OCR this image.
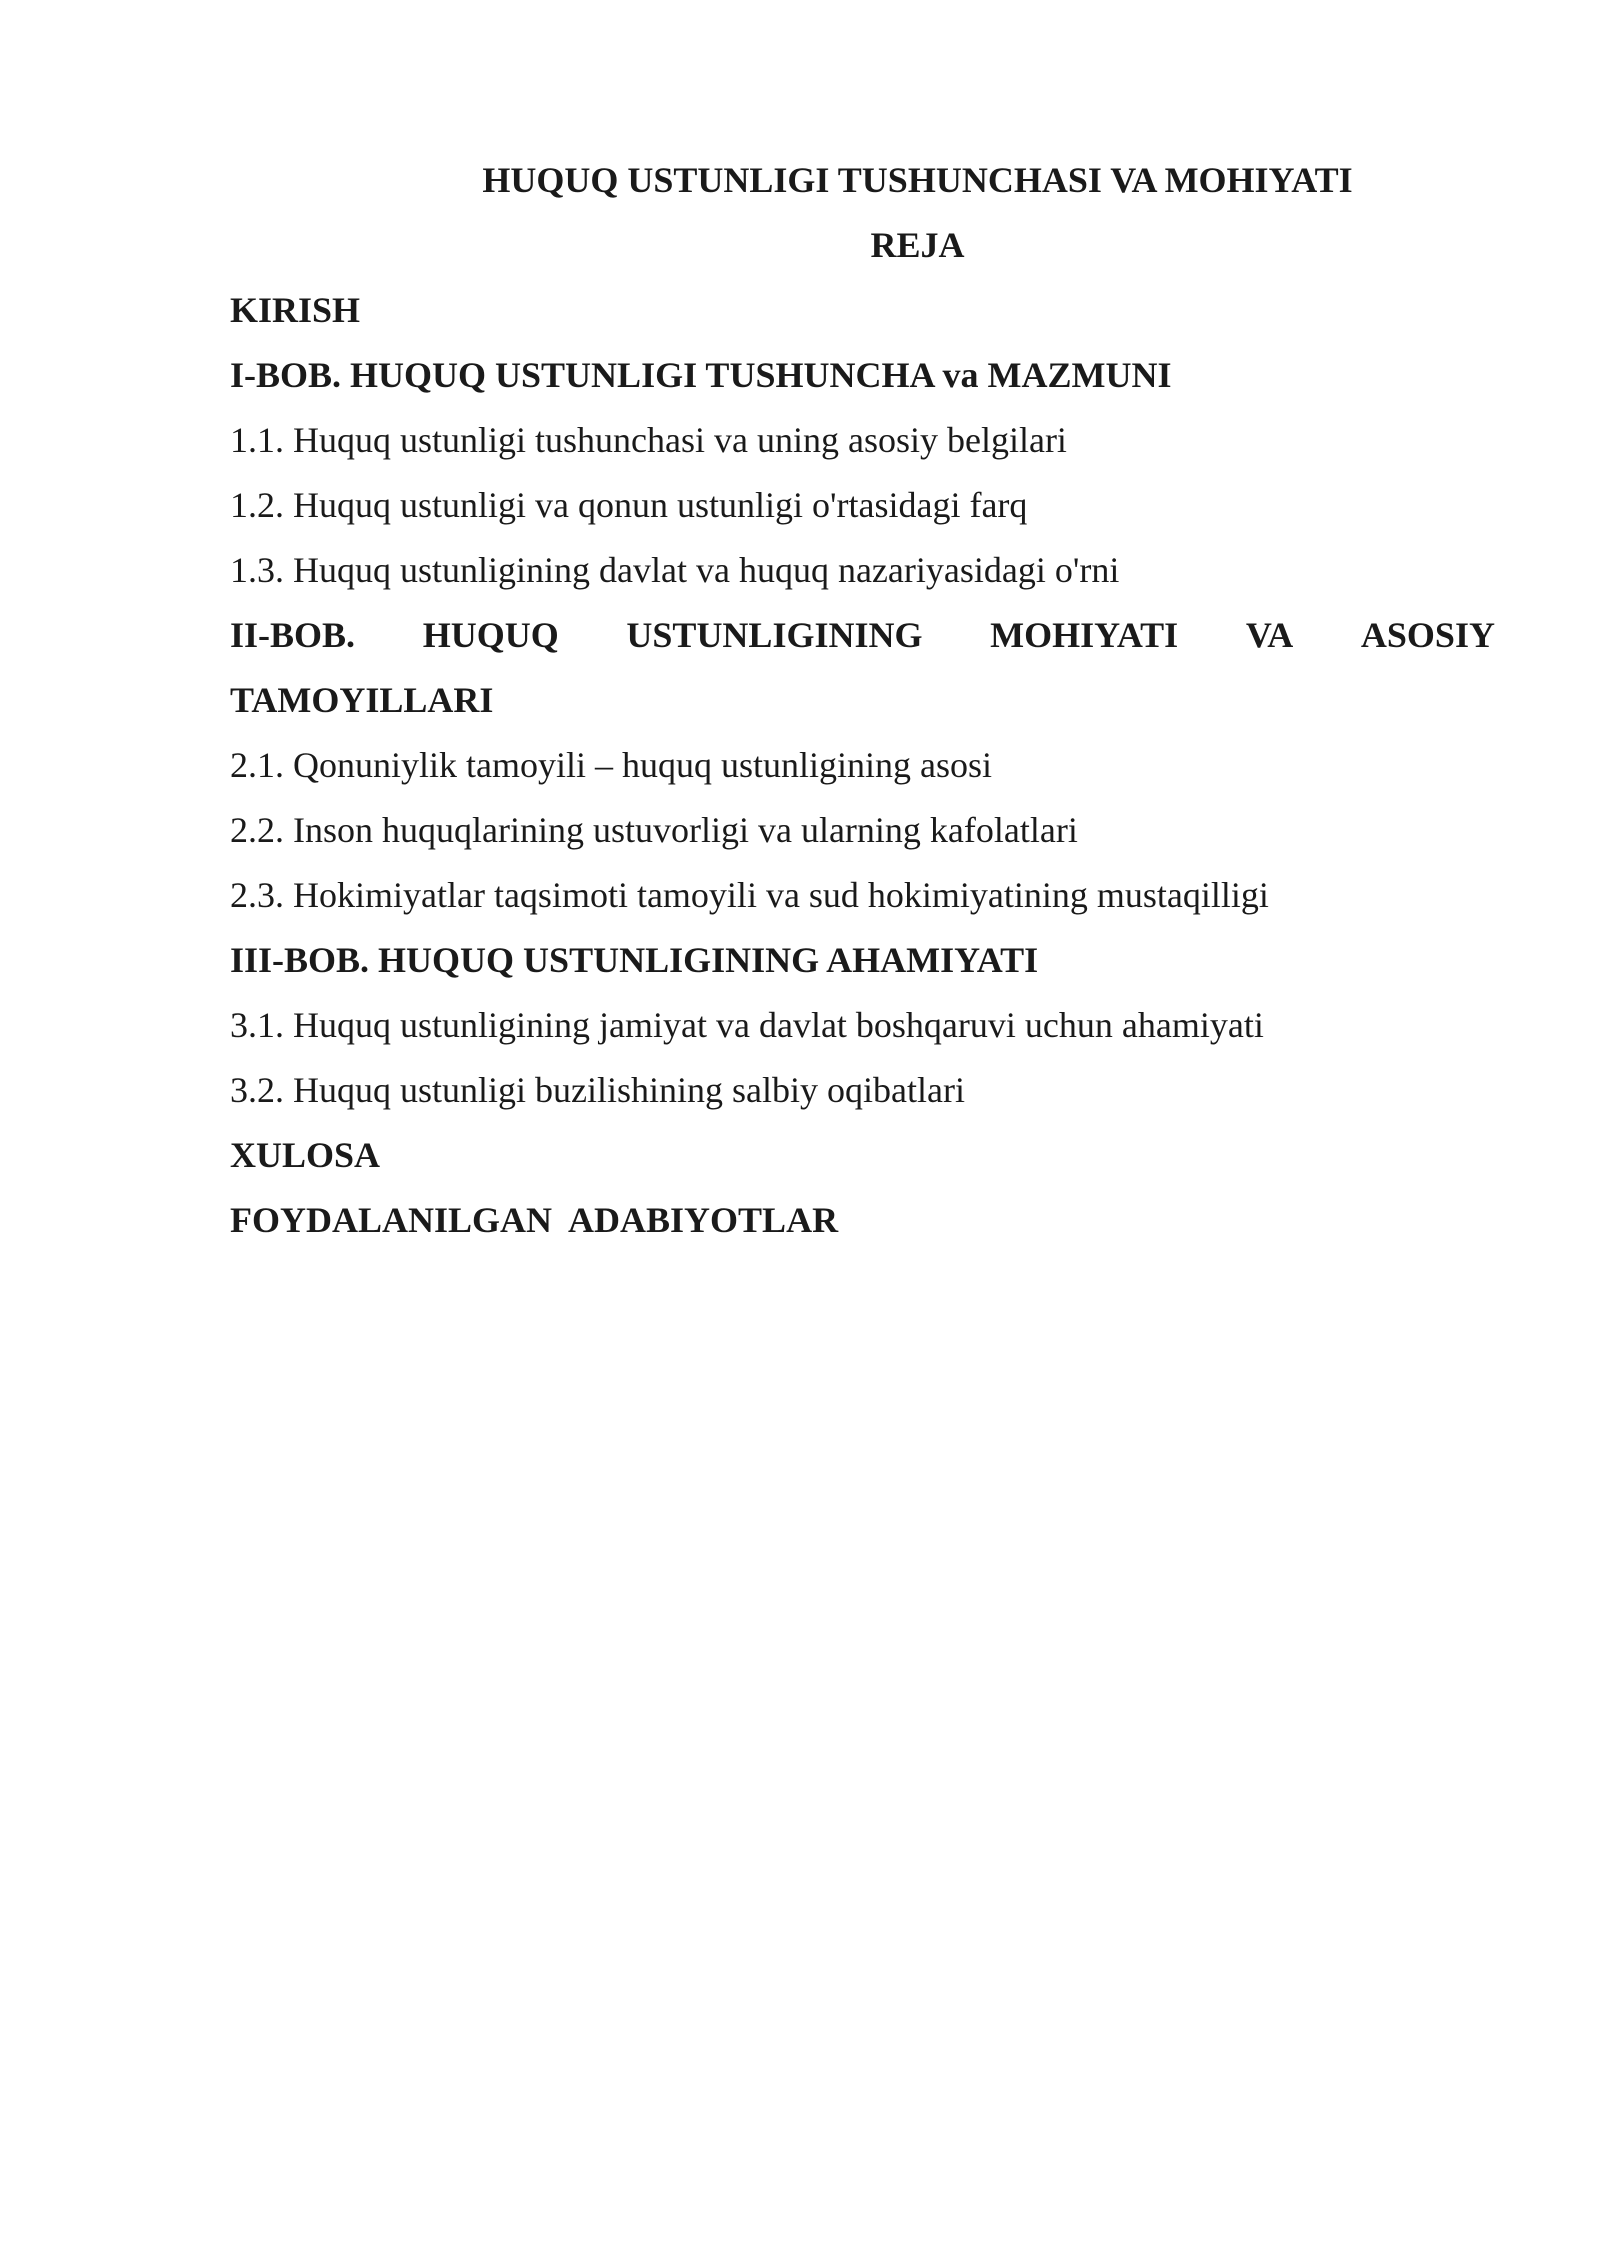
HUQUQ USTUNLIGI TUSHUNCHASI VA MOHIYATI

REJA

KIRISH

I-BOB. HUQUQ USTUNLIGI TUSHUNCHA va MAZMUNI

1.1. Huquq ustunligi tushunchasi va uning asosiy belgilari

1.2. Huquq ustunligi va qonun ustunligi o'rtasidagi farq

1.3. Huquq ustunligining davlat va huquq nazariyasidagi o'rni

II-BOB. HUQUQ USTUNLIGINING MOHIYATI VA ASOSIY

TAMOYILLARI

2.1. Qonuniylik tamoyili – huquq ustunligining asosi

2.2. Inson huquqlarining ustuvorligi va ularning kafolatlari

2.3. Hokimiyatlar taqsimoti tamoyili va sud hokimiyatining mustaqilligi

III-BOB. HUQUQ USTUNLIGINING AHAMIYATI

3.1. Huquq ustunligining jamiyat va davlat boshqaruvi uchun ahamiyati

3.2. Huquq ustunligi buzilishining salbiy oqibatlari

XULOSA

FOYDALANILGAN  ADABIYOTLAR
